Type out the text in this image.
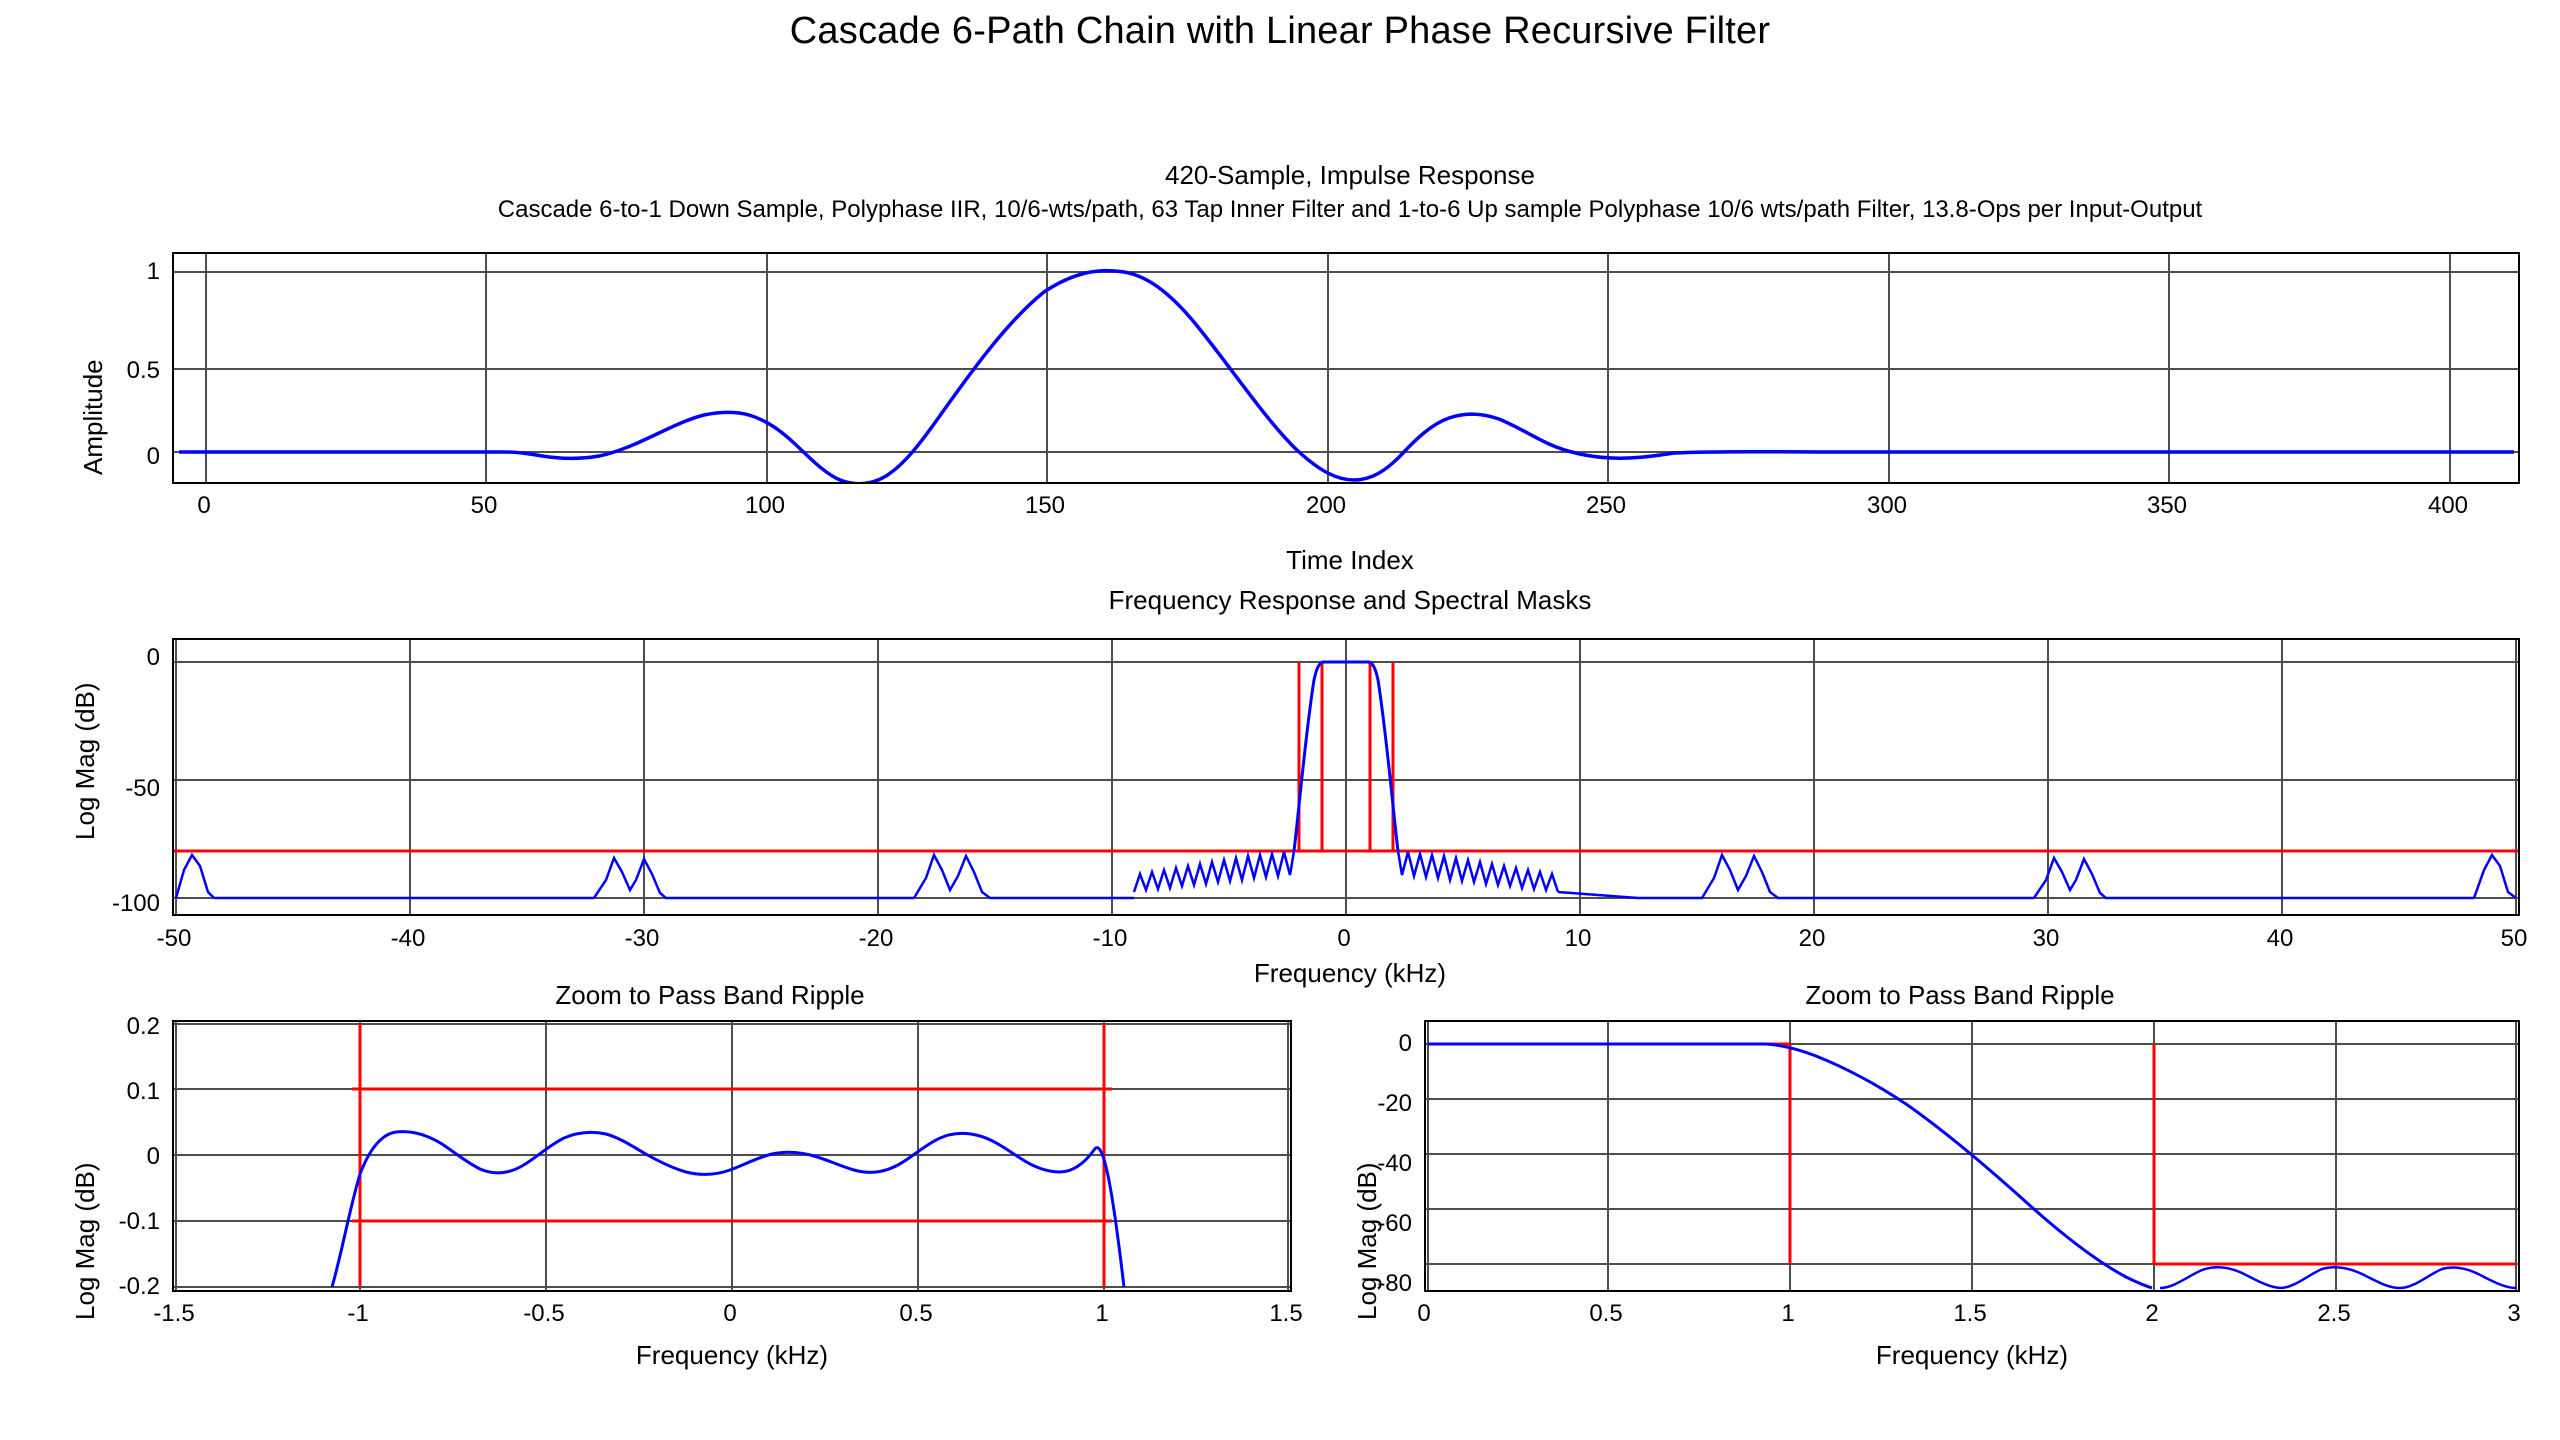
Cascade 6-Path Chain with Linear Phase Recursive Filter
420-Sample, Impulse Response
Cascade 6-to-1 Down Sample, Polyphase IIR, 10/6-wts/path, 63 Tap Inner Filter and 1-to-6 Up sample Polyphase 10/6 wts/path Filter, 13.8-Ops per Input-Output
Amplitude
1
0.5
0
0	50	100	150	200	250	300	350	400
Time Index
Frequency Response and Spectral Masks
Log Mag (dB)
0
-50
-100
-50	-40	-30	-20	-10	0	10	20	30	40	50
Frequency (kHz)
Zoom to Pass Band Ripple
Log Mag (dB)
0.2
0.1
0
-0.1
-0.2
-1.5	-1	-0.5	0	0.5	1	1.5
Frequency (kHz)
Zoom to Pass Band Ripple
Log Mag (dB)
0
-20
-40
-60
-80
0	0.5	1	1.5	2	2.5	3
Frequency (kHz)
